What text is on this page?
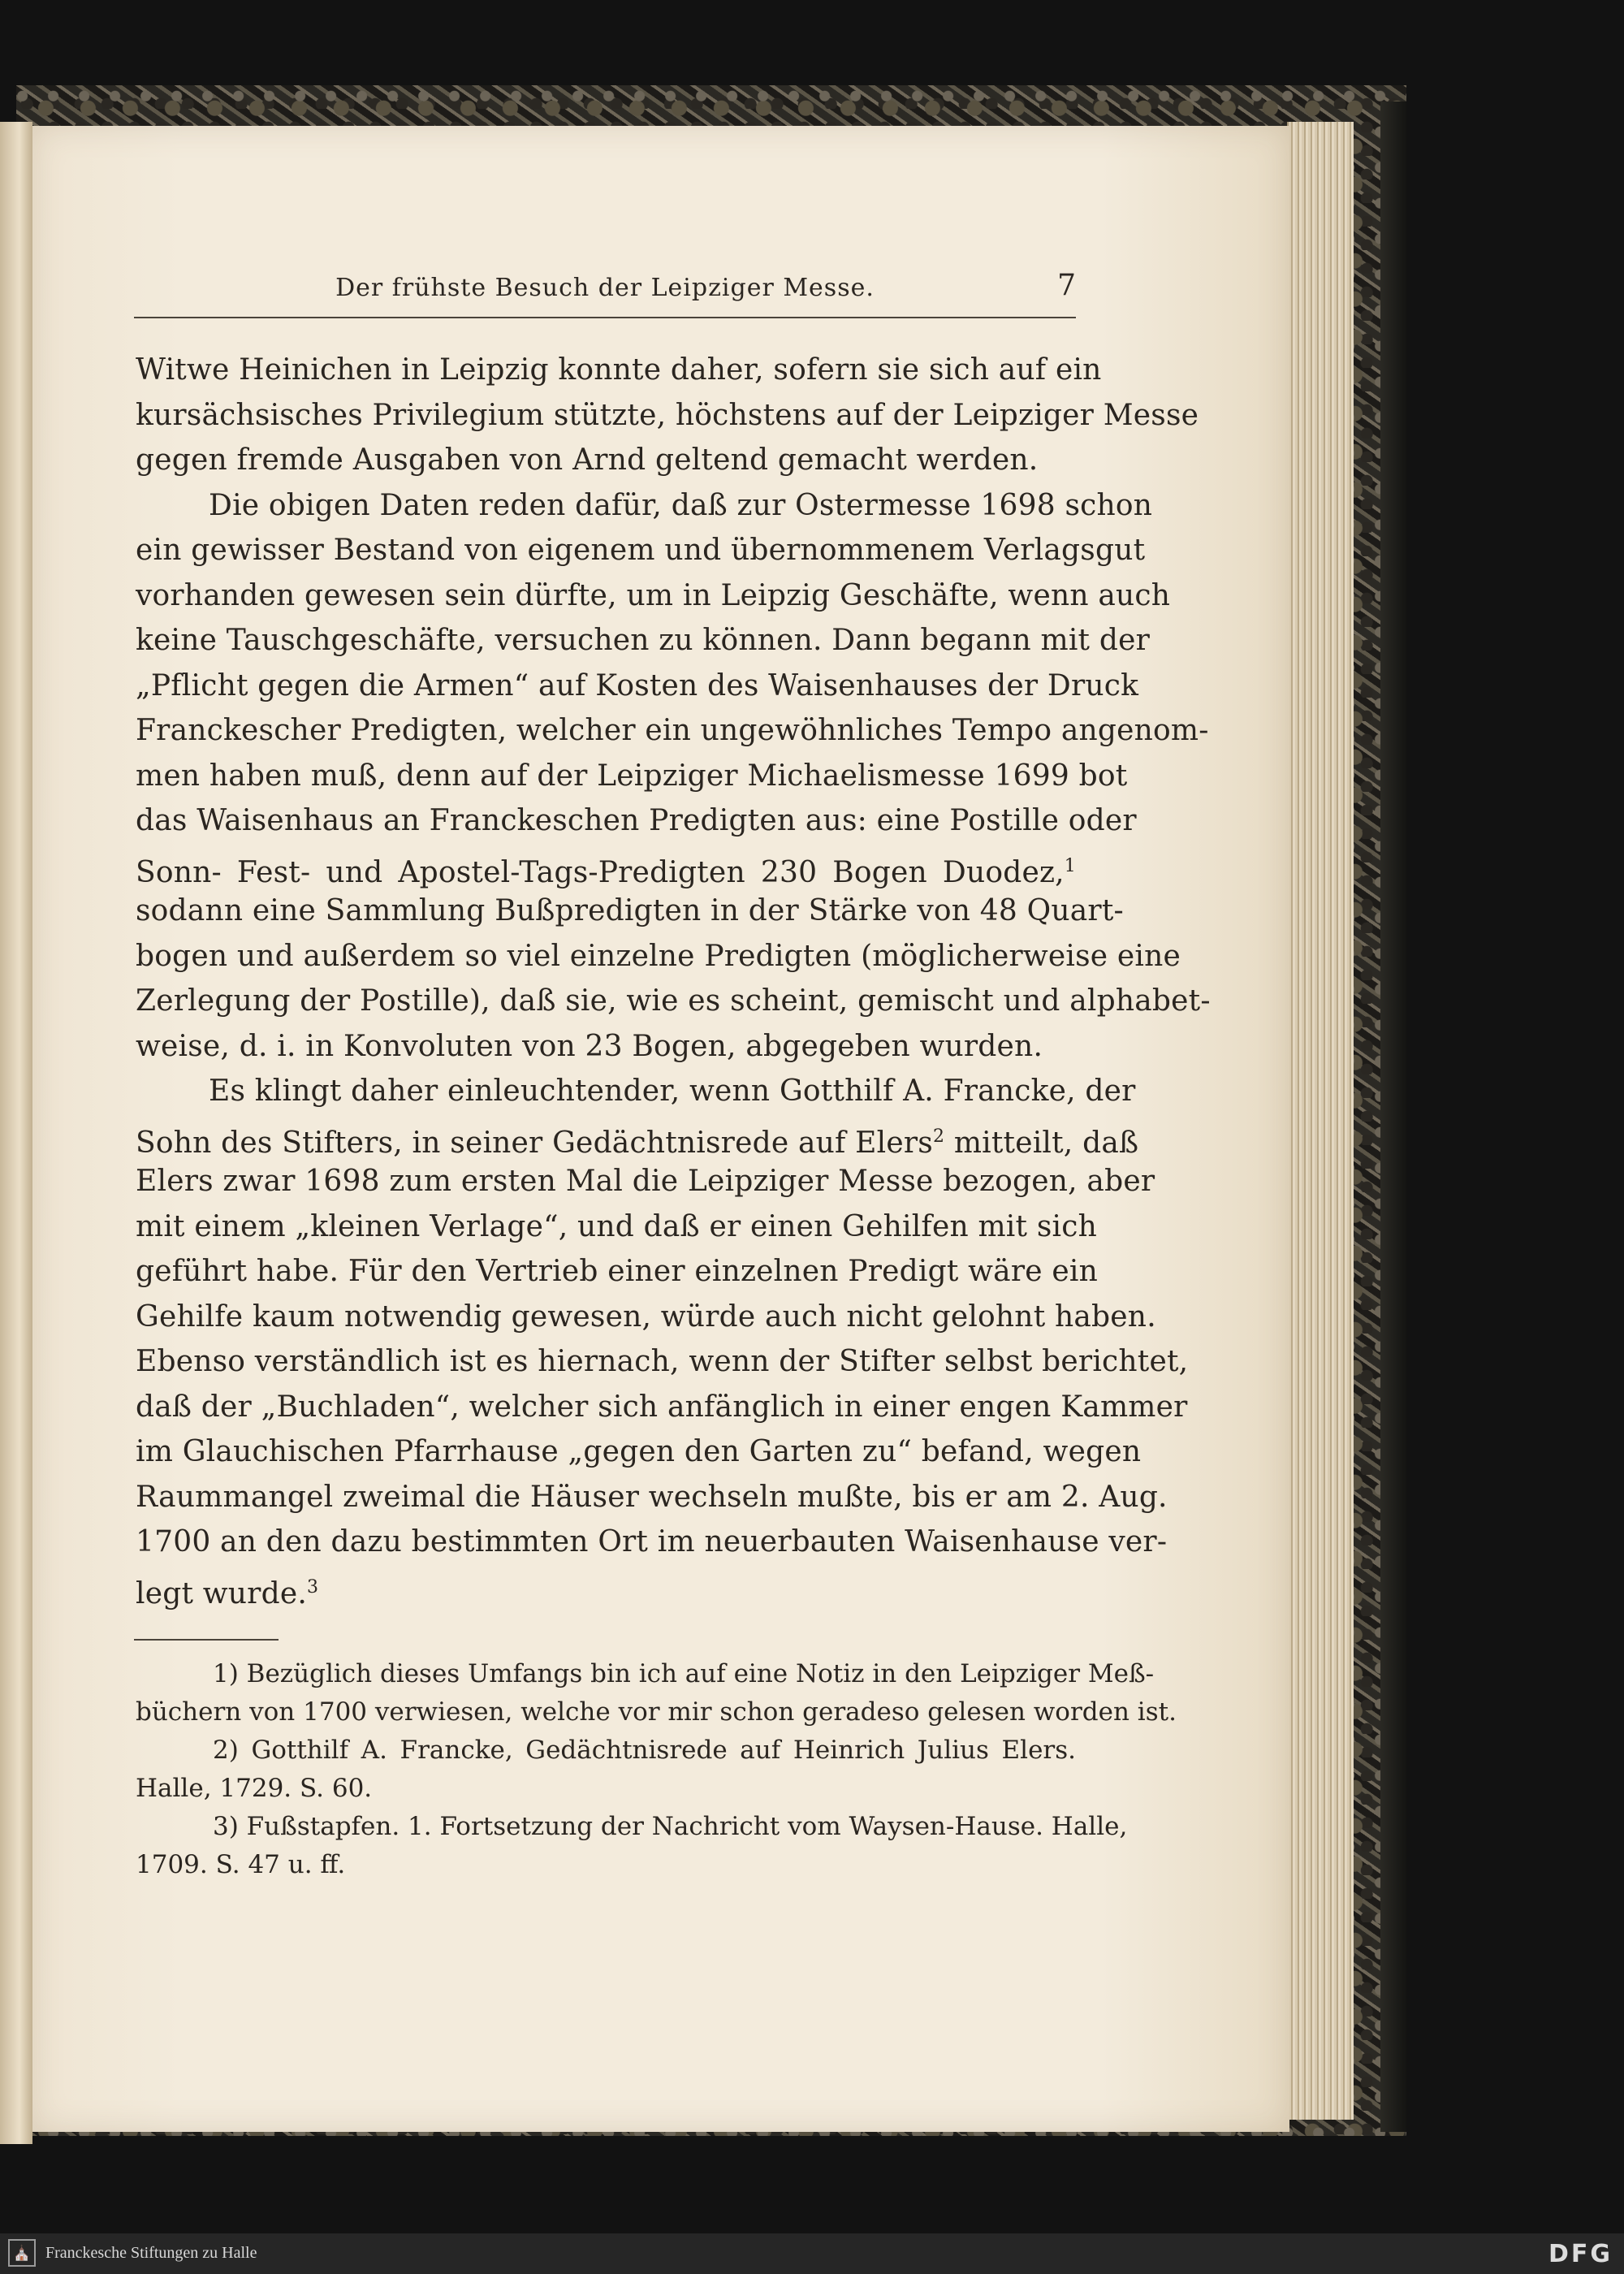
Der frühste Besuch der Leipziger Messe.	7
Witwe Heinichen in Leipzig konnte daher, sofern sie sich auf ein
kursächsisches Privilegium stützte, höchstens auf der Leipziger Messe
gegen fremde Ausgaben von Arnd geltend gemacht werden.
Die obigen Daten reden dafür, daß zur Ostermesse 1698 schon
ein gewisser Bestand von eigenem und übernommenem Verlagsgut
vorhanden gewesen sein dürfte, um in Leipzig Geschäfte, wenn auch
keine Tauschgeschäfte, versuchen zu können. Dann begann mit der
„Pflicht gegen die Armen“ auf Kosten des Waisenhauses der Druck
Franckescher Predigten, welcher ein ungewöhnliches Tempo angenom-
men haben muß, denn auf der Leipziger Michaelismesse 1699 bot
das Waisenhaus an Franckeschen Predigten aus: eine Postille oder
Sonn- Fest- und Apostel-Tags-Predigten 230 Bogen Duodez,$^1$
sodann eine Sammlung Bußpredigten in der Stärke von 48 Quart-
bogen und außerdem so viel einzelne Predigten (möglicherweise eine
Zerlegung der Postille), daß sie, wie es scheint, gemischt und alphabet-
weise, d. i. in Konvoluten von 23 Bogen, abgegeben wurden.
Es klingt daher einleuchtender, wenn Gotthilf A. Francke, der
Sohn des Stifters, in seiner Gedächtnisrede auf Elers$^2$ mitteilt, daß
Elers zwar 1698 zum ersten Mal die Leipziger Messe bezogen, aber
mit einem „kleinen Verlage“, und daß er einen Gehilfen mit sich
geführt habe. Für den Vertrieb einer einzelnen Predigt wäre ein
Gehilfe kaum notwendig gewesen, würde auch nicht gelohnt haben.
Ebenso verständlich ist es hiernach, wenn der Stifter selbst berichtet,
daß der „Buchladen“, welcher sich anfänglich in einer engen Kammer
im Glauchischen Pfarrhause „gegen den Garten zu“ befand, wegen
Raummangel zweimal die Häuser wechseln mußte, bis er am 2. Aug.
1700 an den dazu bestimmten Ort im neuerbauten Waisenhause ver-
legt wurde.$^3$
1) Bezüglich dieses Umfangs bin ich auf eine Notiz in den Leipziger Meß-
büchern von 1700 verwiesen, welche vor mir schon geradeso gelesen worden ist.
2) Gotthilf A. Francke, Gedächtnisrede auf Heinrich Julius Elers.
Halle, 1729. S. 60.
3) Fußstapfen. 1. Fortsetzung der Nachricht vom Waysen-Hause. Halle,
1709. S. 47 u. ff.
⛪ Franckesche Stiftungen zu Halle	DFG
